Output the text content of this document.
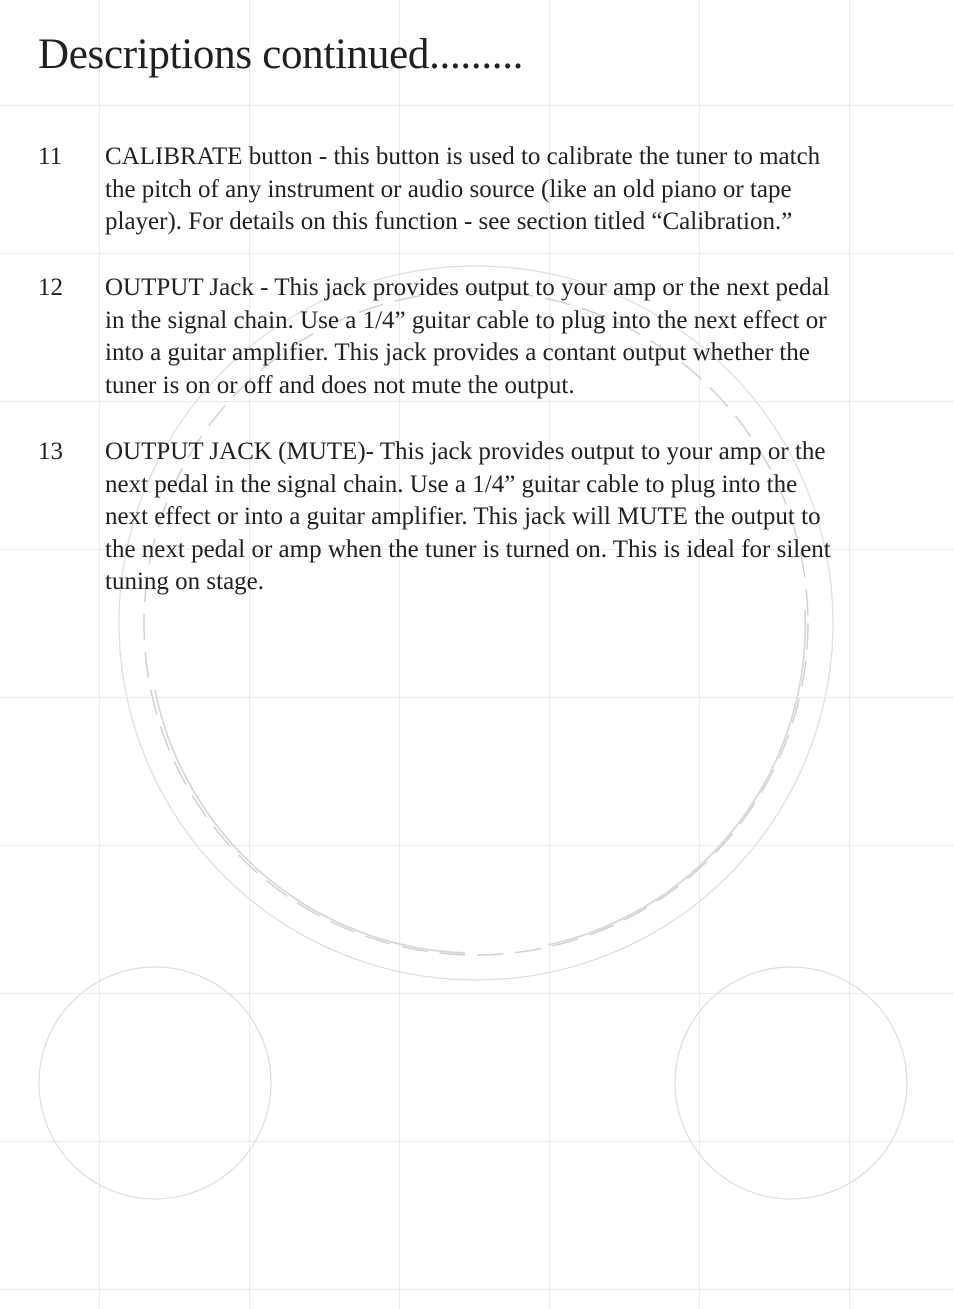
Descriptions continued.........
11 CALIBRATE button - this button is used to calibrate the tuner to match
the pitch of any instrument or audio source (like an old piano or tape
player). For details on this function - see section titled “Calibration.”

12 OUTPUT Jack - This jack provides output to your amp or the next pedal
in the signal chain. Use a 1/4” guitar cable to plug into the next effect or
into a guitar amplifier. This jack provides a contant output whether the
tuner is on or off and does not mute the output.

13 OUTPUT JACK (MUTE)- This jack provides output to your amp or the
next pedal in the signal chain. Use a 1/4” guitar cable to plug into the
next effect or into a guitar amplifier. This jack will MUTE the output to
the next pedal or amp when the tuner is turned on. This is ideal for silent
tuning on stage.
